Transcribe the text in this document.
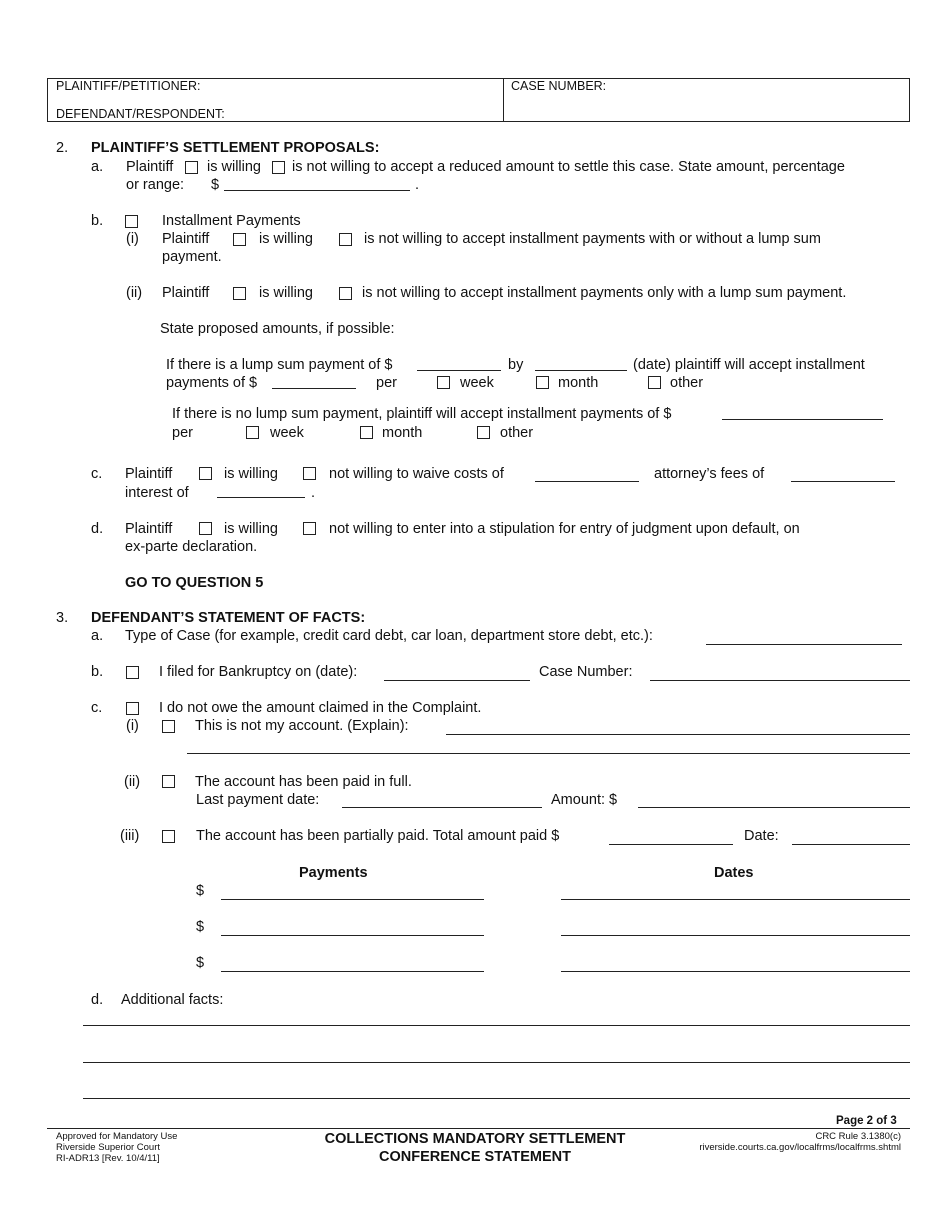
PLAINTIFF/PETITIONER:
DEFENDANT/RESPONDENT:
CASE NUMBER:
2. PLAINTIFF’S SETTLEMENT PROPOSALS:
a. Plaintiff is willing is not willing to accept a reduced amount to settle this case. State amount, percentage
or range: $	.
b.	Installment Payments
(i) Plaintiff	is willing	is not willing to accept installment payments with or without a lump sum
payment.
(ii) Plaintiff	is willing	is not willing to accept installment payments only with a lump sum payment.
State proposed amounts, if possible:
If there is a lump sum payment of $	by	(date) plaintiff will accept installment
payments of $	per	week	month	other
If there is no lump sum payment, plaintiff will accept installment payments of $
per	week	month	other
c. Plaintiff	is willing	not willing to waive costs of	attorney’s fees of
interest of	.
d. Plaintiff	is willing	not willing to enter into a stipulation for entry of judgment upon default, on
ex-parte declaration.
GO TO QUESTION 5
3. DEFENDANT’S STATEMENT OF FACTS:
a. Type of Case (for example, credit card debt, car loan, department store debt, etc.):
b.	I filed for Bankruptcy on (date):	Case Number:
c.	I do not owe the amount claimed in the Complaint.
(i)	This is not my account. (Explain):
(ii)	The account has been paid in full.
Last payment date:	Amount: $
(iii)	The account has been partially paid. Total amount paid $	Date:
Payments	Dates
$
$
$
d. Additional facts:
Page 2 of 3
Approved for Mandatory Use
Riverside Superior Court
RI-ADR13 [Rev. 10/4/11]
COLLECTIONS MANDATORY SETTLEMENT
CONFERENCE STATEMENT
CRC Rule 3.1380(c)
riverside.courts.ca.gov/localfrms/localfrms.shtml
